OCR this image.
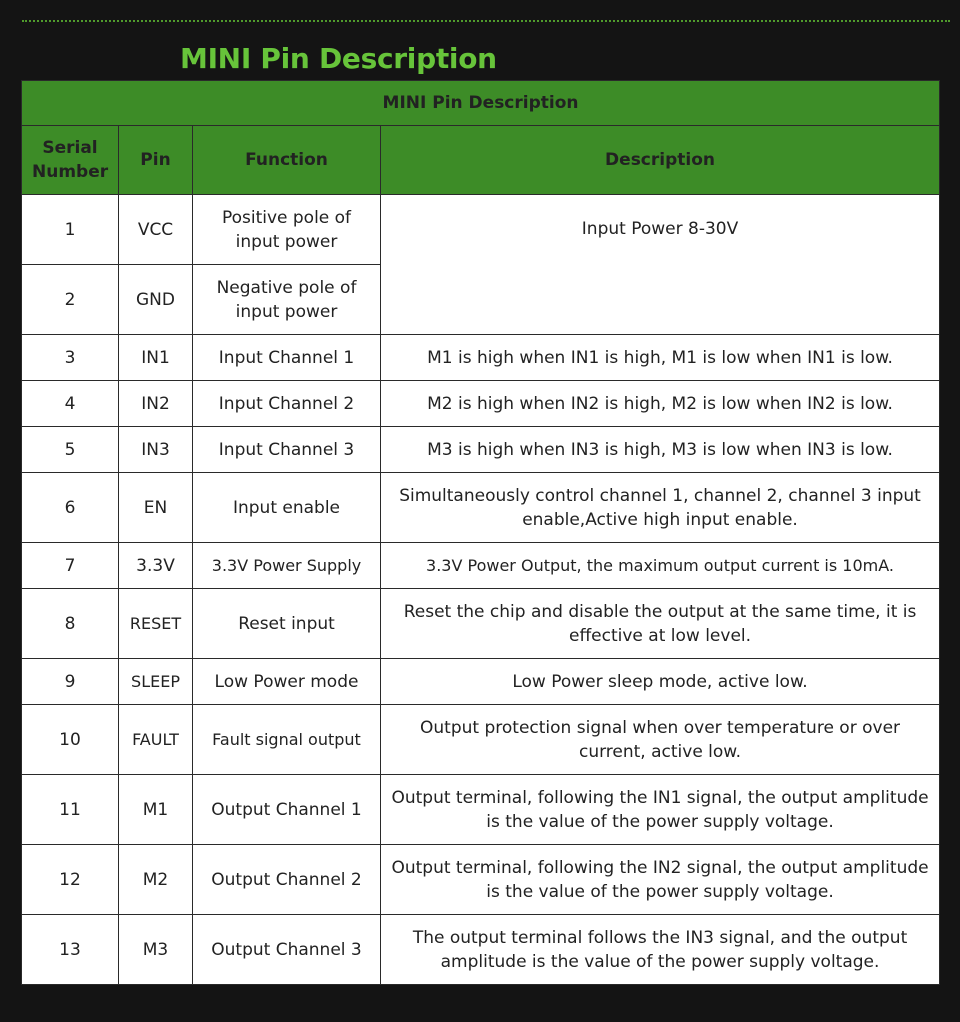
MINI Pin Description
MINI Pin Description			
Serial Number	Pin	Function	Description
1	VCC	Positive pole of input power	Input Power 8-30V
2	GND	Negative pole of input power	
3	IN1	Input Channel 1	M1 is high when IN1 is high, M1 is low when IN1 is low.
4	IN2	Input Channel 2	M2 is high when IN2 is high, M2 is low when IN2 is low.
5	IN3	Input Channel 3	M3 is high when IN3 is high, M3 is low when IN3 is low.
6	EN	Input enable	Simultaneously control channel 1, channel 2, channel 3 input enable,Active high input enable.
7	3.3V	3.3V Power Supply	3.3V Power Output, the maximum output current is 10mA.
8	RESET	Reset input	Reset the chip and disable the output at the same time, it is effective at low level.
9	SLEEP	Low Power mode	Low Power sleep mode, active low.
10	FAULT	Fault signal output	Output protection signal when over temperature or over current, active low.
11	M1	Output Channel 1	Output terminal, following the IN1 signal, the output amplitude is the value of the power supply voltage.
12	M2	Output Channel 2	Output terminal, following the IN2 signal, the output amplitude is the value of the power supply voltage.
13	M3	Output Channel 3	The output terminal follows the IN3 signal, and the output amplitude is the value of the power supply voltage.
